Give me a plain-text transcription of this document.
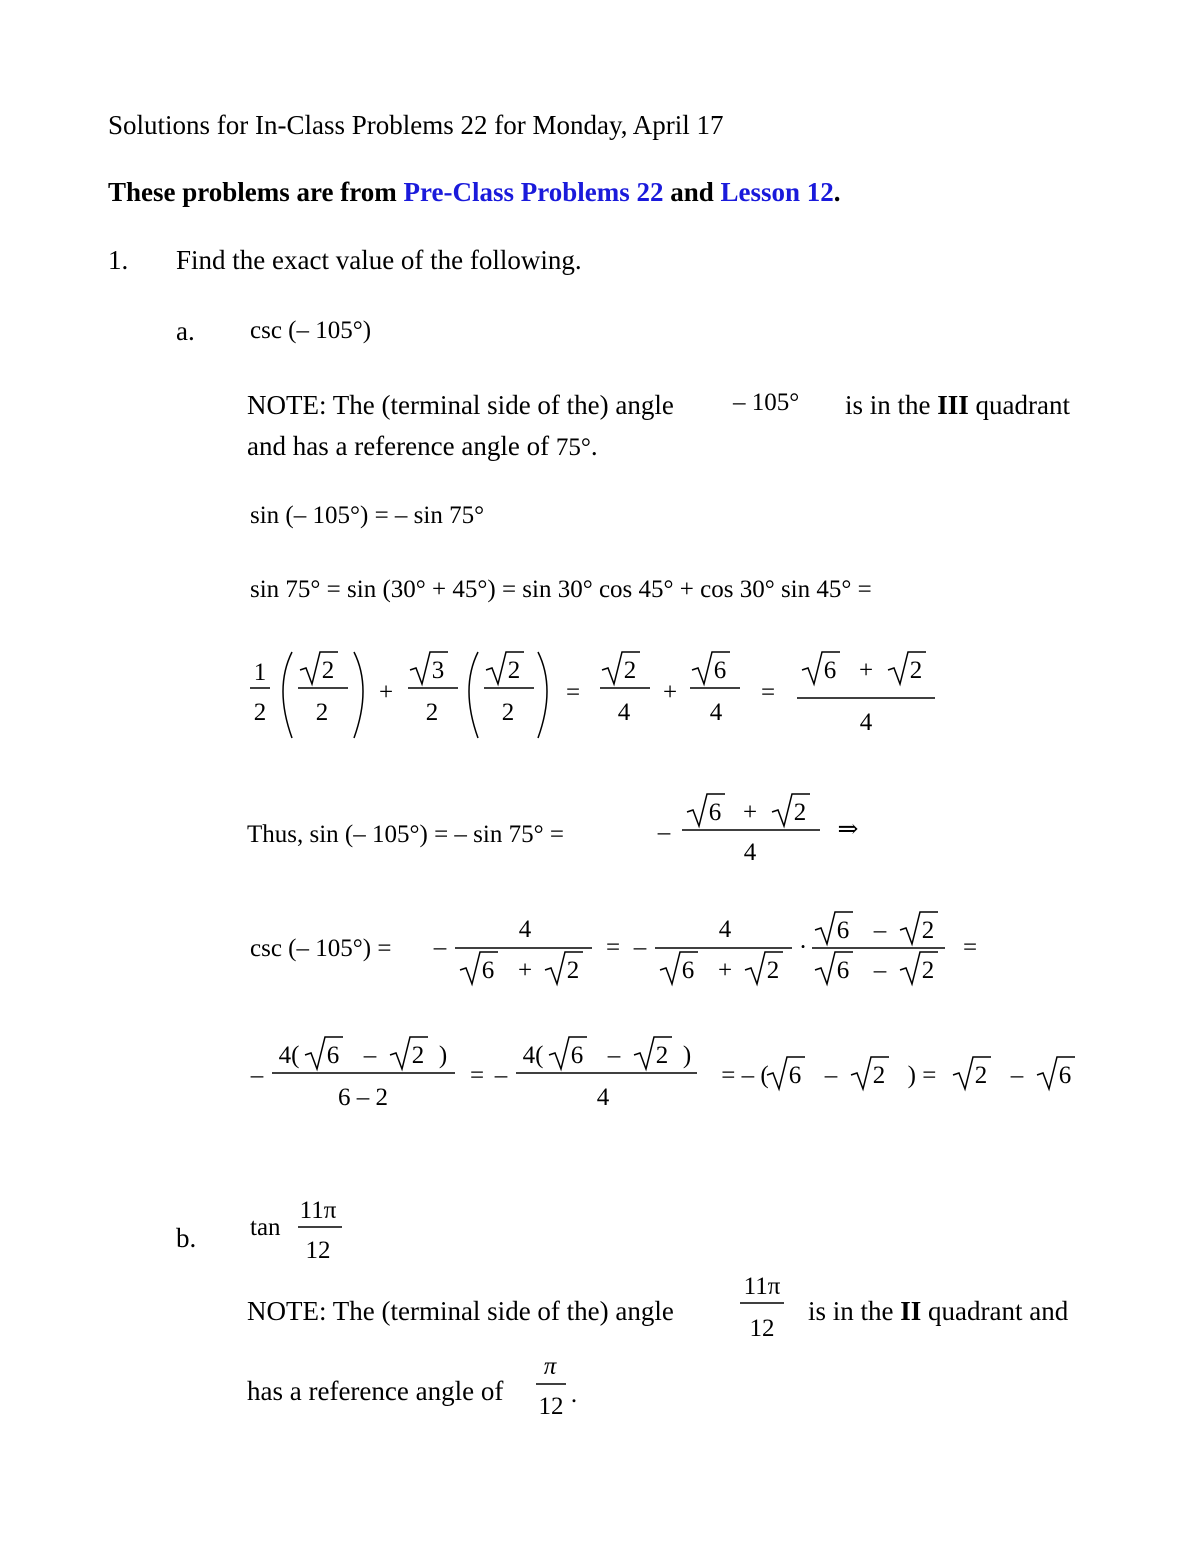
Solutions for In-Class Problems 22 for Monday, April 17
These problems are from Pre-Class Problems 22 and Lesson 12.
1. Find the exact value of the following.
a. csc (– 105°)
NOTE: The (terminal side of the) angle – 105° is in the III quadrant
and has a reference angle of 75°.
sin (– 105°) = – sin 75°
sin 75° = sin (30° + 45°) = sin 30° cos 45° + cos 30° sin 45° =
1
2
2
2
+
3
2
2
2
=
2
4
+
6
4
=
6 + 2
4
Thus, sin (– 105°) = – sin 75° =	–
6 + 2
4
⇒
csc (– 105°) = –
4
6 + 2
= –
4
6 + 2
·
6 – 2
6 – 2
=
–
4( 6 – 2 )
6 – 2
= –
4( 6 – 2 )
4
= – ( 6 – 2 ) = 2 – 6
b. tan
11π
12
NOTE: The (terminal side of the) angle
11π
12
is in the II quadrant and
has a reference angle of
π
12 .
